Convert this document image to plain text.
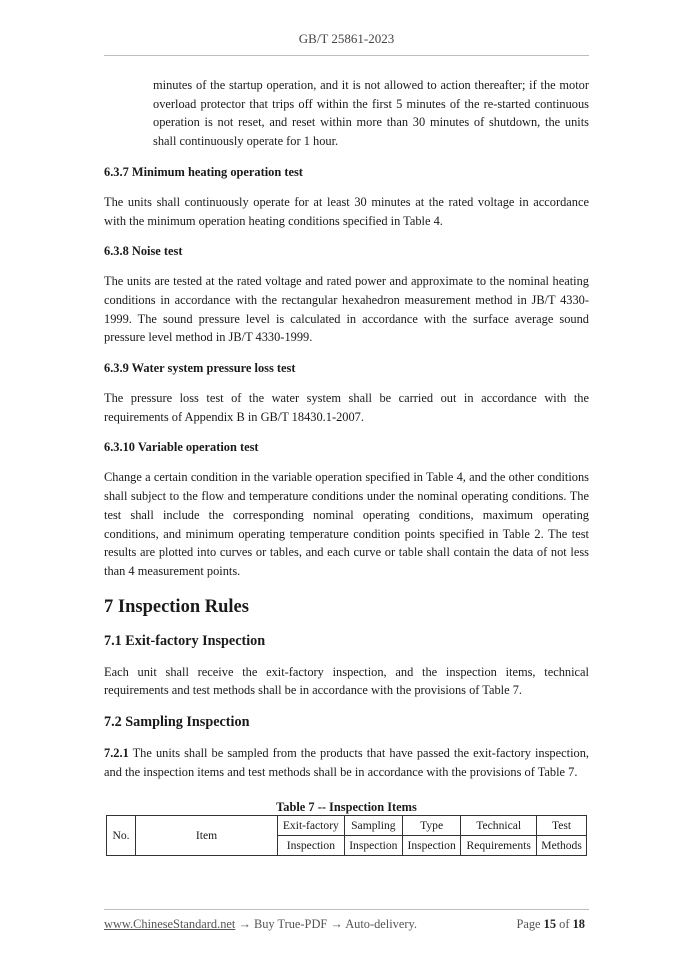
GB/T 25861-2023

minutes of the startup operation, and it is not allowed to action thereafter; if the motor overload protector that trips off within the first 5 minutes of the re-started continuous operation is not reset, and reset within more than 30 minutes of shutdown, the units shall continuously operate for 1 hour.

6.3.7 Minimum heating operation test

The units shall continuously operate for at least 30 minutes at the rated voltage in accordance with the minimum operation heating conditions specified in Table 4.

6.3.8 Noise test

The units are tested at the rated voltage and rated power and approximate to the nominal heating conditions in accordance with the rectangular hexahedron measurement method in JB/T 4330-1999. The sound pressure level is calculated in accordance with the surface average sound pressure level method in JB/T 4330-1999.

6.3.9 Water system pressure loss test

The pressure loss test of the water system shall be carried out in accordance with the requirements of Appendix B in GB/T 18430.1-2007.

6.3.10 Variable operation test

Change a certain condition in the variable operation specified in Table 4, and the other conditions shall subject to the flow and temperature conditions under the nominal operating conditions. The test shall include the corresponding nominal operating conditions, maximum operating conditions, and minimum operating temperature condition points specified in Table 2. The test results are plotted into curves or tables, and each curve or table shall contain the data of not less than 4 measurement points.

7 Inspection Rules
7.1 Exit-factory Inspection

Each unit shall receive the exit-factory inspection, and the inspection items, technical requirements and test methods shall be in accordance with the provisions of Table 7.

7.2 Sampling Inspection

7.2.1 The units shall be sampled from the products that have passed the exit-factory inspection, and the inspection items and test methods shall be in accordance with the provisions of Table 7.

Table 7 -- Inspection Items
No.	Item	Exit-factory	Sampling	Type	Technical	Test
		Inspection	Inspection	Inspection	Requirements	Methods
www.ChineseStandard.net → Buy True-PDF → Auto-delivery.	Page 15 of 18
